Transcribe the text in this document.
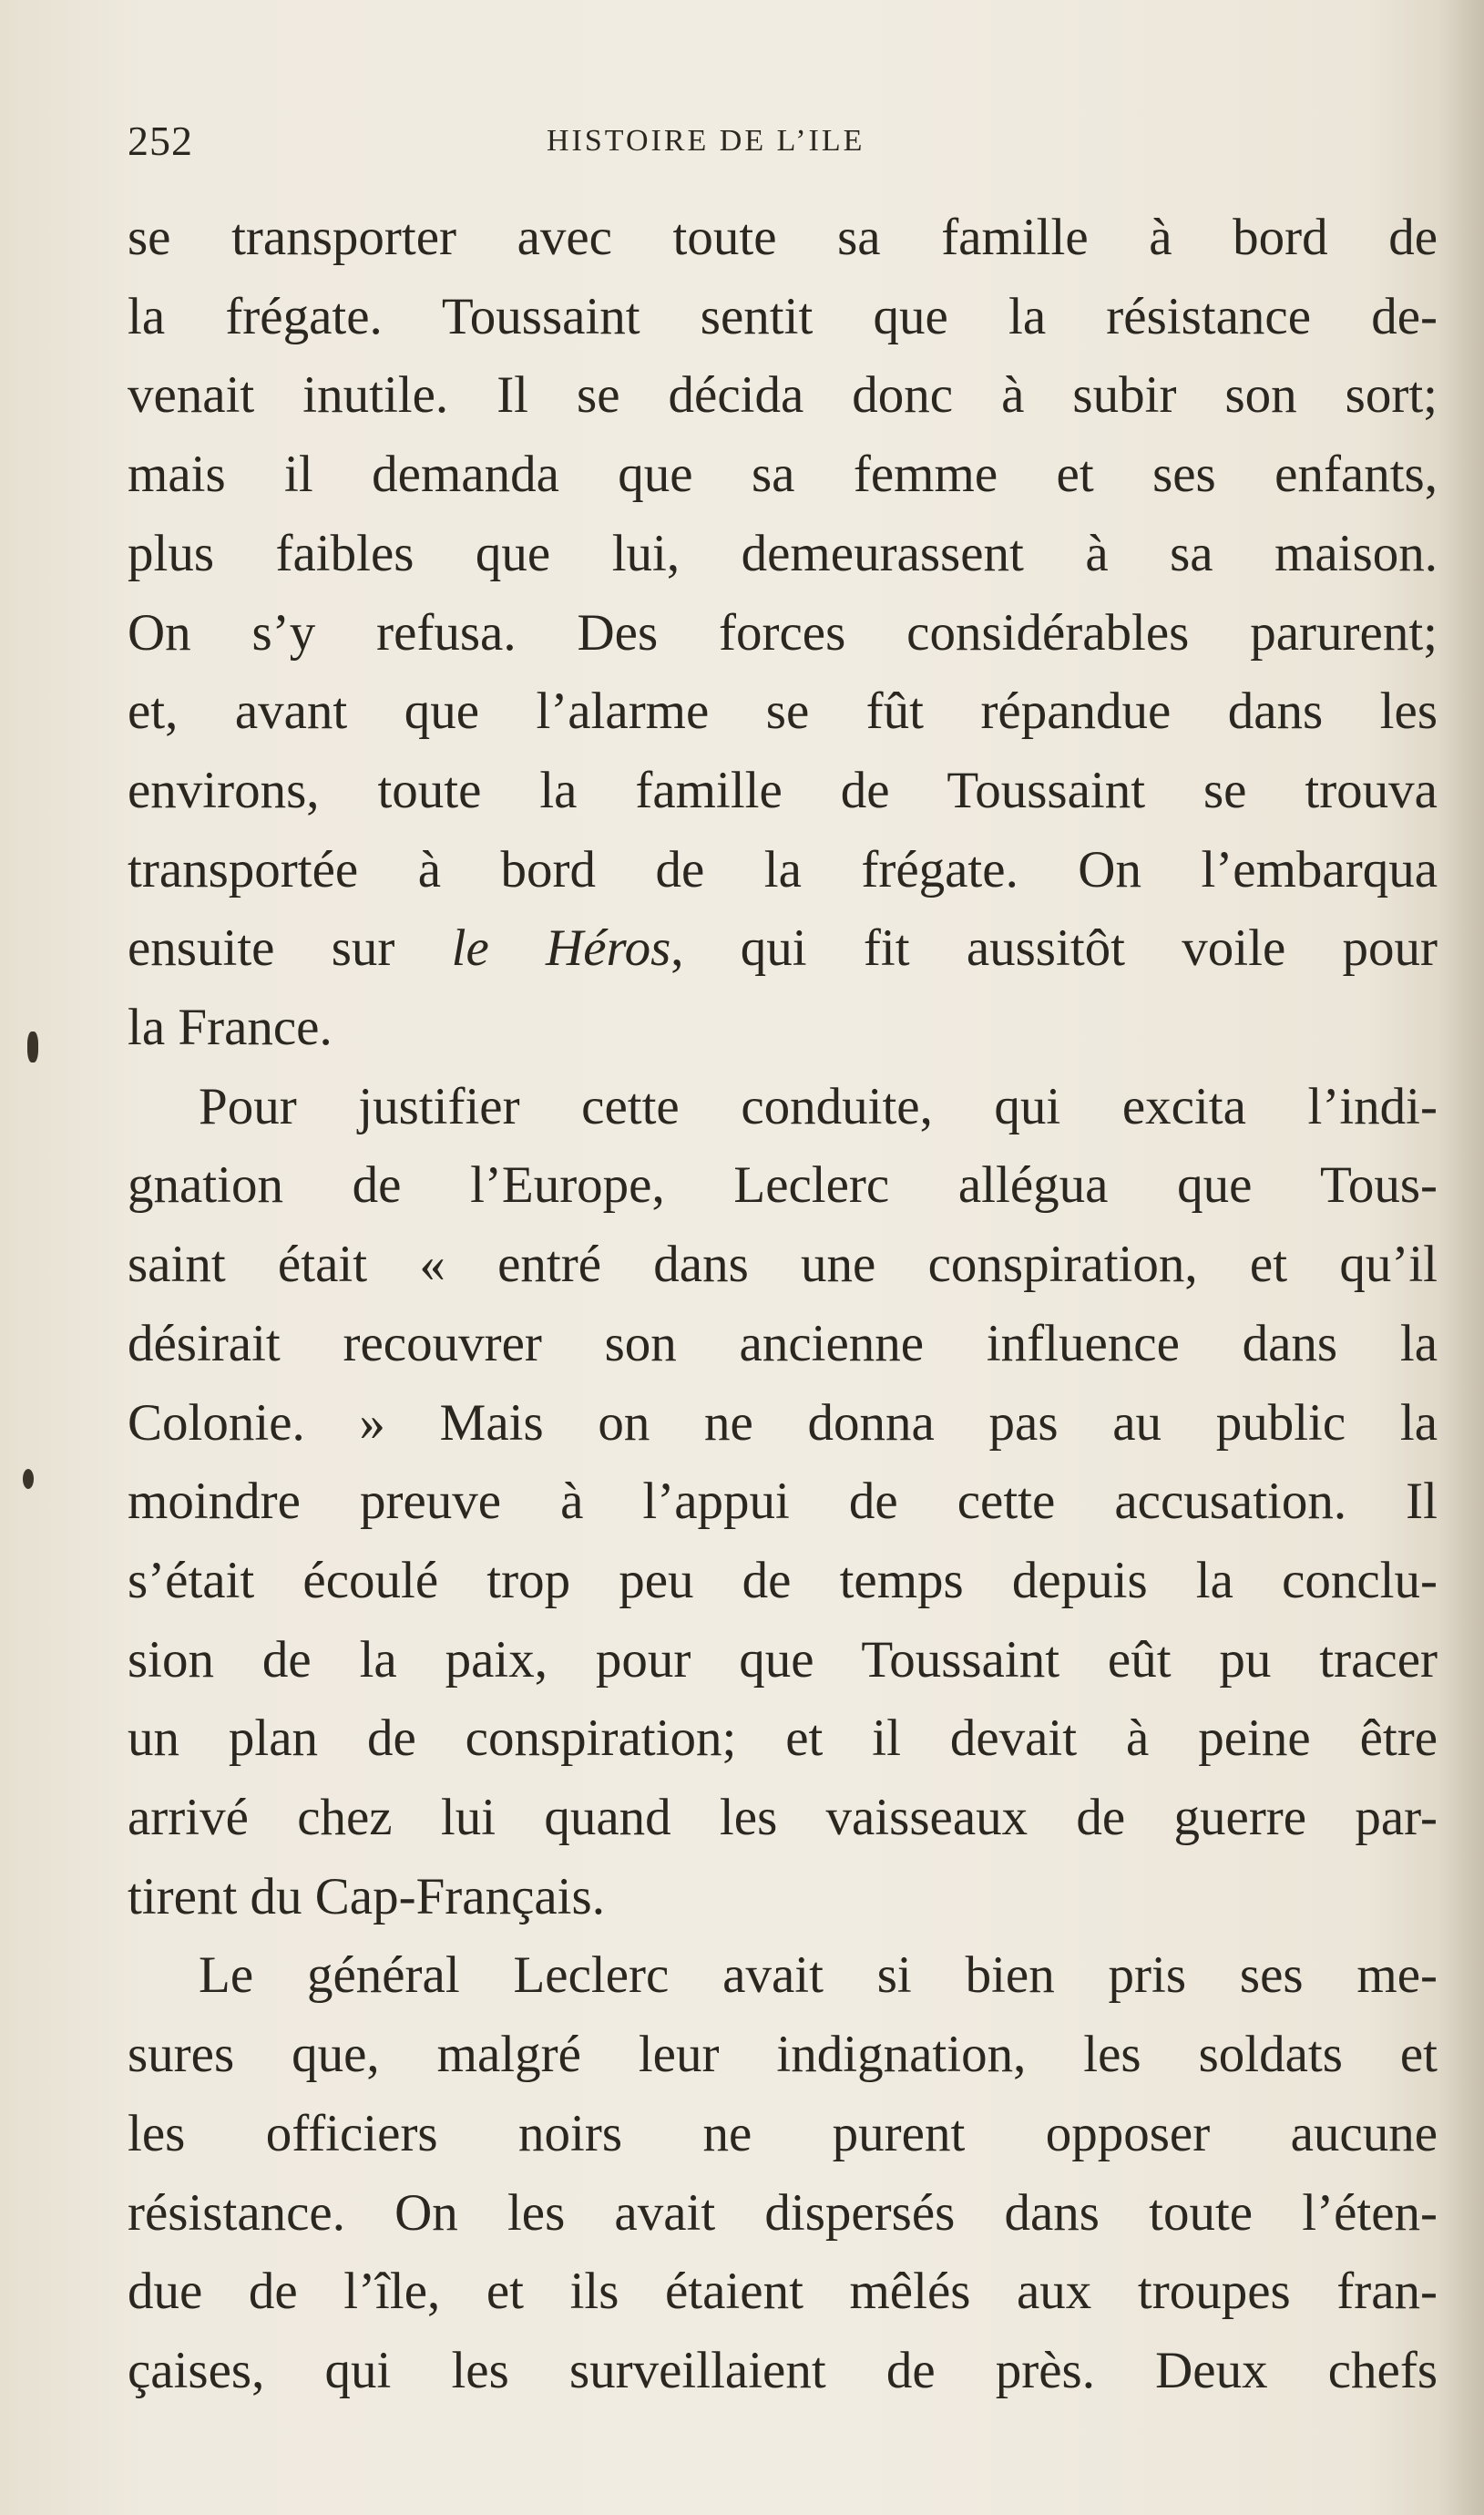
252	HISTOIRE DE L’ILE
se transporter avec toute sa famille à bord de
la frégate. Toussaint sentit que la résistance de-
venait inutile. Il se décida donc à subir son sort;
mais il demanda que sa femme et ses enfants,
plus faibles que lui, demeurassent à sa maison.
On s’y refusa. Des forces considérables parurent;
et, avant que l’alarme se fût répandue dans les
environs, toute la famille de Toussaint se trouva
transportée à bord de la frégate. On l’embarqua
ensuite sur le Héros, qui fit aussitôt voile pour
la France.
Pour justifier cette conduite, qui excita l’indi-
gnation de l’Europe, Leclerc allégua que Tous-
saint était « entré dans une conspiration, et qu’il
désirait recouvrer son ancienne influence dans la
Colonie. » Mais on ne donna pas au public la
moindre preuve à l’appui de cette accusation. Il
s’était écoulé trop peu de temps depuis la conclu-
sion de la paix, pour que Toussaint eût pu tracer
un plan de conspiration; et il devait à peine être
arrivé chez lui quand les vaisseaux de guerre par-
tirent du Cap-Français.
Le général Leclerc avait si bien pris ses me-
sures que, malgré leur indignation, les soldats et
les officiers noirs ne purent opposer aucune
résistance. On les avait dispersés dans toute l’éten-
due de l’île, et ils étaient mêlés aux troupes fran-
çaises, qui les surveillaient de près. Deux chefs
